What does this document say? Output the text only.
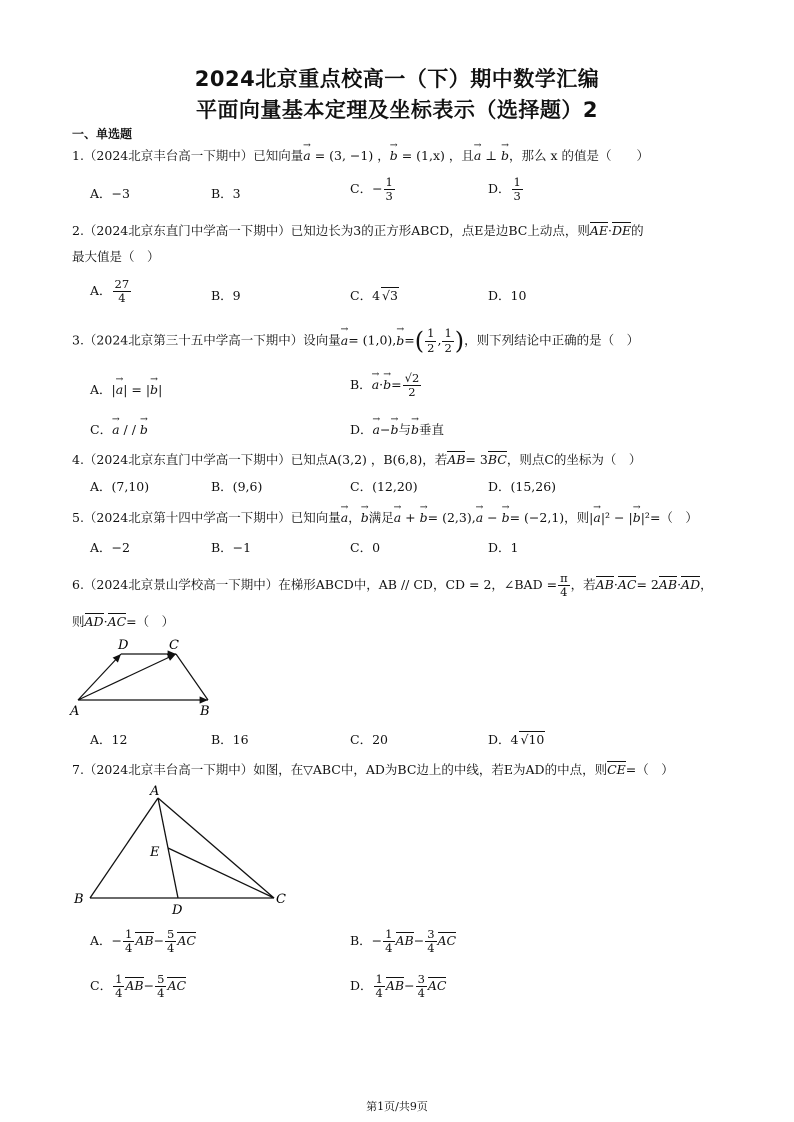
2024北京重点校高一（下）期中数学汇编
平面向量基本定理及坐标表示（选择题）2
一、单选题
1.（2024北京丰台高一下期中）已知向量→ a = (3, −1) ，→ b = (1,x) ，且→ a ⊥ → b，那么 x 的值是（　　）
A．−3	B．3	C．− $\frac{1}{3}$	D． $\frac{1}{3}$
2.（2024北京东直门中学高一下期中）已知边长为3的正方形ABCD，点E是边BC上动点，则AE·DE的
最大值是（　）
A． $\frac{27}{4}$	B．9	C．4 √3	D．10
3.（2024北京第三十五中学高一下期中）设向量→ $a= (1,0),\to b=( \frac{1}{2}$ , $\frac{1}{2}$ )，则下列结论中正确的是（　）
A．|→ a| = |→ b|	B．→ $a\cdot\to b= \frac{√2}{2}$
C．→ a / / → b	D．→ a−→ b与→ b垂直
4.（2024北京东直门中学高一下期中）已知点A(3,2) ，B(6,8)，若AB= 3BC，则点C的坐标为（　）
A．(7,10)	B．(9,6)	C．(12,20)	D．(15,26)
5.（2024北京第十四中学高一下期中）已知向量→ a，→ b满足→ a + → b= (2,3),→ a − → b= (−2,1)，则|→ a|² − |→ b|²=（　）
A．−2	B．−1	C．0	D．1
6.（2024北京景山学校高一下期中）在梯形ABCD中，AB // CD，CD = 2，∠BAD = $\frac{\pi}{4}$ ，若AB·AC= 2AB·AD，
则AD·AC=（　）
D	C
A	B
A．12	B．16	C．20	D．4 √10
7.（2024北京丰台高一下期中）如图，在▽ABC中，AD为BC边上的中线，若E为AD的中点，则CE=（　）
A
B	C
D
E
A．− $\frac{1}{4} AB- \frac{5}{4}$ AC	B．− $\frac{1}{4} AB- \frac{3}{4}$ AC
C． $\frac{1}{4} AB- \frac{5}{4}$ AC	D． $\frac{1}{4} AB- \frac{3}{4}$ AC
第1页/共9页
